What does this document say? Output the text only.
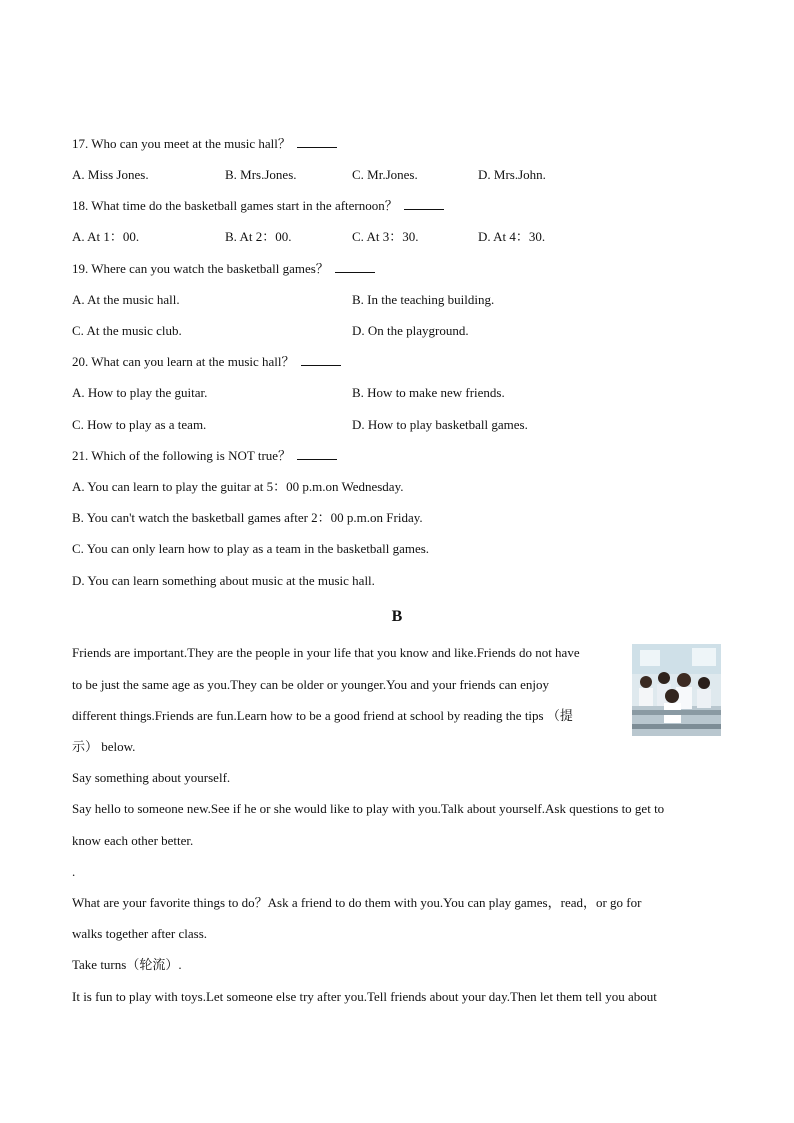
17. Who can you meet at the music hall？
A. Miss Jones.	B. Mrs.Jones.	C. Mr.Jones.	D. Mrs.John.
18. What time do the basketball games start in the afternoon？
A. At 1：00.	B. At 2：00.	C. At 3：30.	D. At 4：30.
19. Where can you watch the basketball games？
A. At the music hall.	B. In the teaching building.
C. At the music club.	D. On the playground.
20. What can you learn at the music hall？
A. How to play the guitar.	B. How to make new friends.
C. How to play as a team.	D. How to play basketball games.
21. Which of the following is NOT true？
A. You can learn to play the guitar at 5：00 p.m.on Wednesday.
B. You can't watch the basketball games after 2：00 p.m.on Friday.
C. You can only learn how to play as a team in the basketball games.
D. You can learn something about music at the music hall.
B
Friends are important.They are the people in your life that you know and like.Friends do not have
to be just the same age as you.They can be older or younger.You and your friends can enjoy
different things.Friends are fun.Learn how to be a good friend at school by reading the tips （提
示） below.
Say something about yourself.
Say hello to someone new.See if he or she would like to play with you.Talk about yourself.Ask questions to get to
know each other better.
.
What are your favorite things to do？Ask a friend to do them with you.You can play games，read，or go for
walks together after class.
Take turns（轮流）.
It is fun to play with toys.Let someone else try after you.Tell friends about your day.Then let them tell you about
